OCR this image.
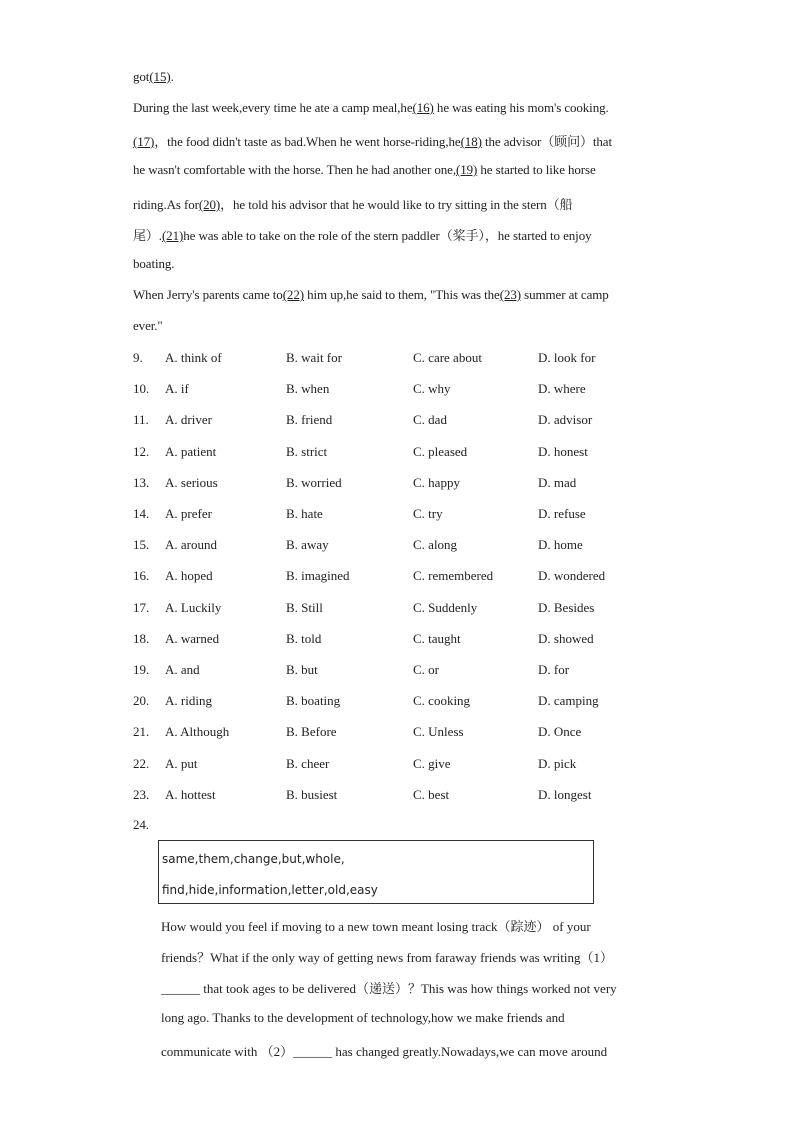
got(15).
During the last week,every time he ate a camp meal,he(16) he was eating his mom's cooking.
(17)，the food didn't taste as bad.When he went horse-riding,he(18) the advisor（顾问）that
he wasn't comfortable with the horse. Then he had another one,(19) he started to like horse
riding.As for(20)，he told his advisor that he would like to try sitting in the stern（船
尾）.(21)he was able to take on the role of the stern paddler（桨手），he started to enjoy
boating.
When Jerry's parents came to(22) him up,he said to them, "This was the(23) summer at camp
ever."
9. A. think of	B. wait for	C. care about	D. look for
10. A. if	B. when	C. why	D. where
11. A. driver	B. friend	C. dad	D. advisor
12. A. patient	B. strict	C. pleased	D. honest
13. A. serious	B. worried	C. happy	D. mad
14. A. prefer	B. hate	C. try	D. refuse
15. A. around	B. away	C. along	D. home
16. A. hoped	B. imagined	C. remembered	D. wondered
17. A. Luckily	B. Still	C. Suddenly	D. Besides
18. A. warned	B. told	C. taught	D. showed
19. A. and	B. but	C. or	D. for
20. A. riding	B. boating	C. cooking	D. camping
21. A. Although	B. Before	C. Unless	D. Once
22. A. put	B. cheer	C. give	D. pick
23. A. hottest	B. busiest	C. best	D. longest
24.
same,them,change,but,whole,
find,hide,information,letter,old,easy
How would you feel if moving to a new town meant losing track（踪迹） of your
friends？What if the only way of getting news from faraway friends was writing（1）
______ that took ages to be delivered（递送）？This was how things worked not very
long ago. Thanks to the development of technology,how we make friends and
communicate with （2）______ has changed greatly.Nowadays,we can move around
